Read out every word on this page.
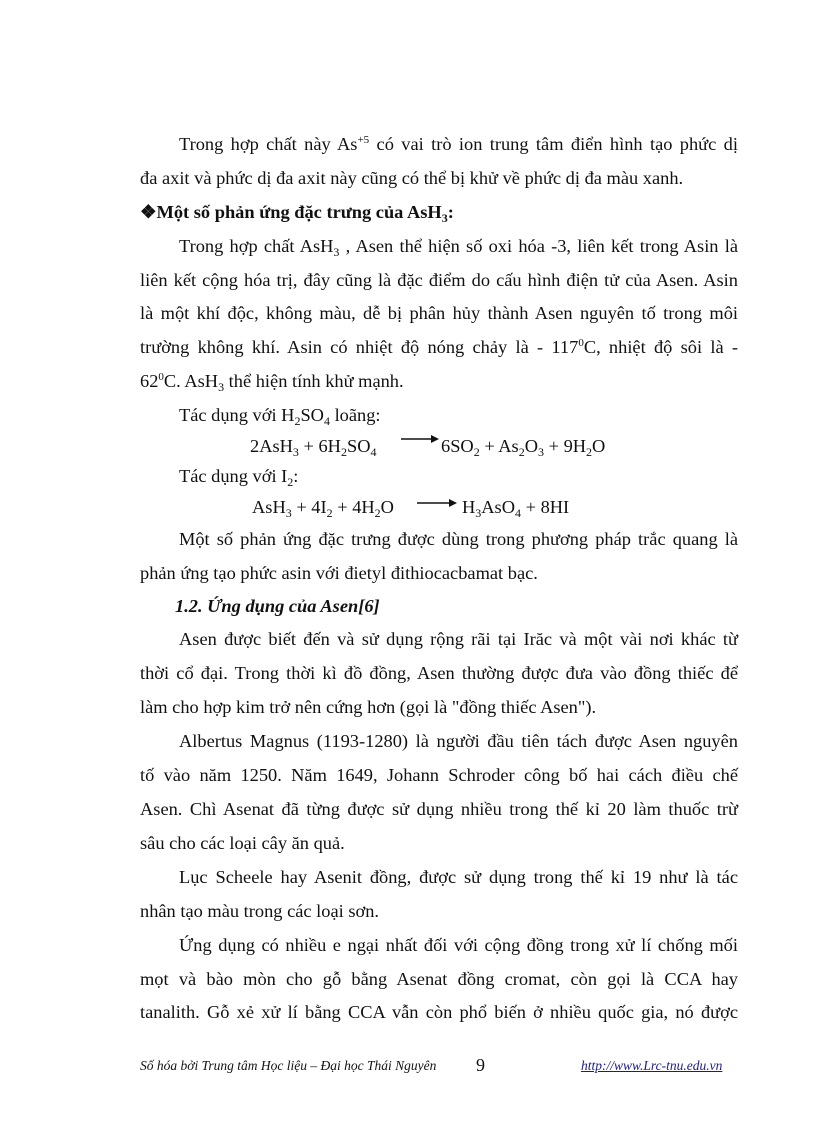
Trong hợp chất này $As^{+5}$ có vai trò ion trung tâm điển hình tạo phức dị
đa axit và phức dị đa axit này cũng có thể bị khử về phức dị đa màu xanh.
❖Một số phản ứng đặc trưng của AsH$_3$:
Trong hợp chất AsH$_3$ , Asen thể hiện số oxi hóa -3, liên kết trong Asin là
liên kết cộng hóa trị, đây cũng là đặc điểm do cấu hình điện tử của Asen. Asin
là một khí độc, không màu, dễ bị phân hủy thành Asen nguyên tố trong môi
trường không khí. Asin có nhiệt độ nóng chảy là - $117^0C$, nhiệt độ sôi là -
$62^0C$. AsH$_3$ thể hiện tính khử mạnh.
Tác dụng với $H_2SO_4$ loãng:
$2AsH_3 + 6H_2SO_4 \to 6SO_2 + As_2O_3 + 9H_2O$
Tác dụng với $I_2$:
$AsH_3 + 4I_2 + 4H_2O \to H_3AsO_4 + 8HI$
Một số phản ứng đặc trưng được dùng trong phương pháp trắc quang là
phản ứng tạo phức asin với đietyl đithiocacbamat bạc.
1.2. Ứng dụng của Asen[6]
Asen được biết đến và sử dụng rộng rãi tại Irăc và một vài nơi khác từ
thời cổ đại. Trong thời kì đồ đồng, Asen thường được đưa vào đồng thiếc để
làm cho hợp kim trở nên cứng hơn (gọi là "đồng thiếc Asen").
Albertus Magnus (1193-1280) là người đầu tiên tách được Asen nguyên
tố vào năm 1250. Năm 1649, Johann Schroder công bố hai cách điều chế
Asen. Chì Asenat đã từng được sử dụng nhiều trong thế kỉ 20 làm thuốc trừ
sâu cho các loại cây ăn quả.
Lục Scheele hay Asenit đồng, được sử dụng trong thế kỉ 19 như là tác
nhân tạo màu trong các loại sơn.
Ứng dụng có nhiều e ngại nhất đối với cộng đồng trong xử lí chống mối
mọt và bào mòn cho gỗ bằng Asenat đồng cromat, còn gọi là CCA hay
tanalith. Gỗ xẻ xử lí bằng CCA vẫn còn phổ biến ở nhiều quốc gia, nó được
Số hóa bởi Trung tâm Học liệu – Đại học Thái Nguyên 9	http://www.Lrc-tnu.edu.vn
